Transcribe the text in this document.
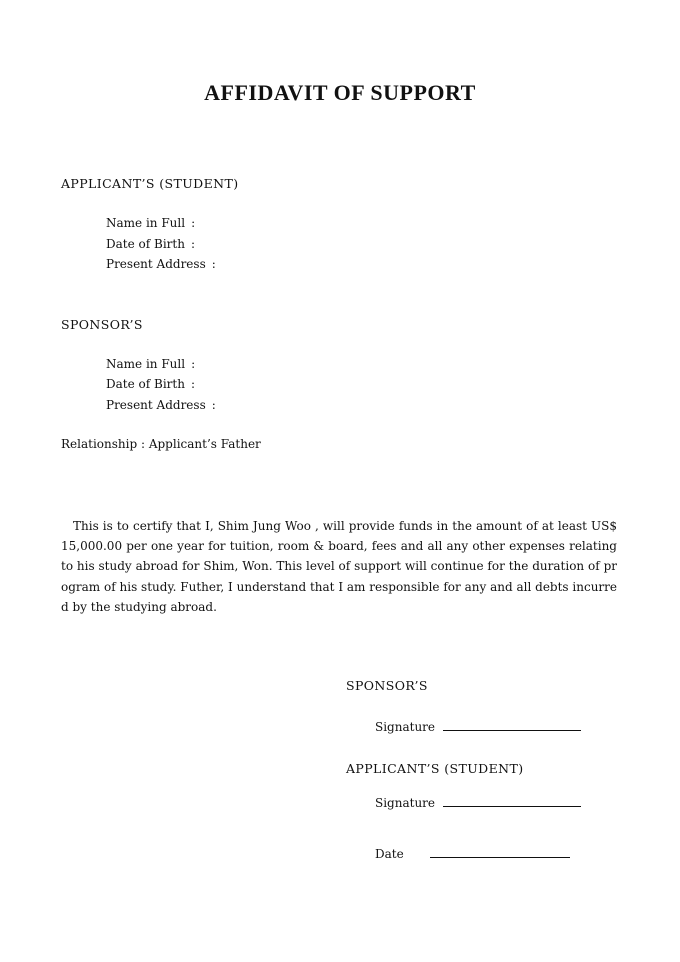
AFFIDAVIT OF SUPPORT
APPLICANT’S (STUDENT)
Name in Full :
Date of Birth :
Present Address :
SPONSOR’S
Name in Full :
Date of Birth :
Present Address :
Relationship : Applicant’s Father
This is to certify that I, Shim Jung Woo , will provide funds in the amount of at least US$ 15,000.00 per one year for tuition, room & board, fees and all any other expenses relating to his study abroad for Shim, Won. This level of support will continue for the duration of program of his study. Futher, I understand that I am responsible for any and all debts incurred by the studying abroad.
SPONSOR’S
Signature
APPLICANT’S (STUDENT)
Signature
Date
